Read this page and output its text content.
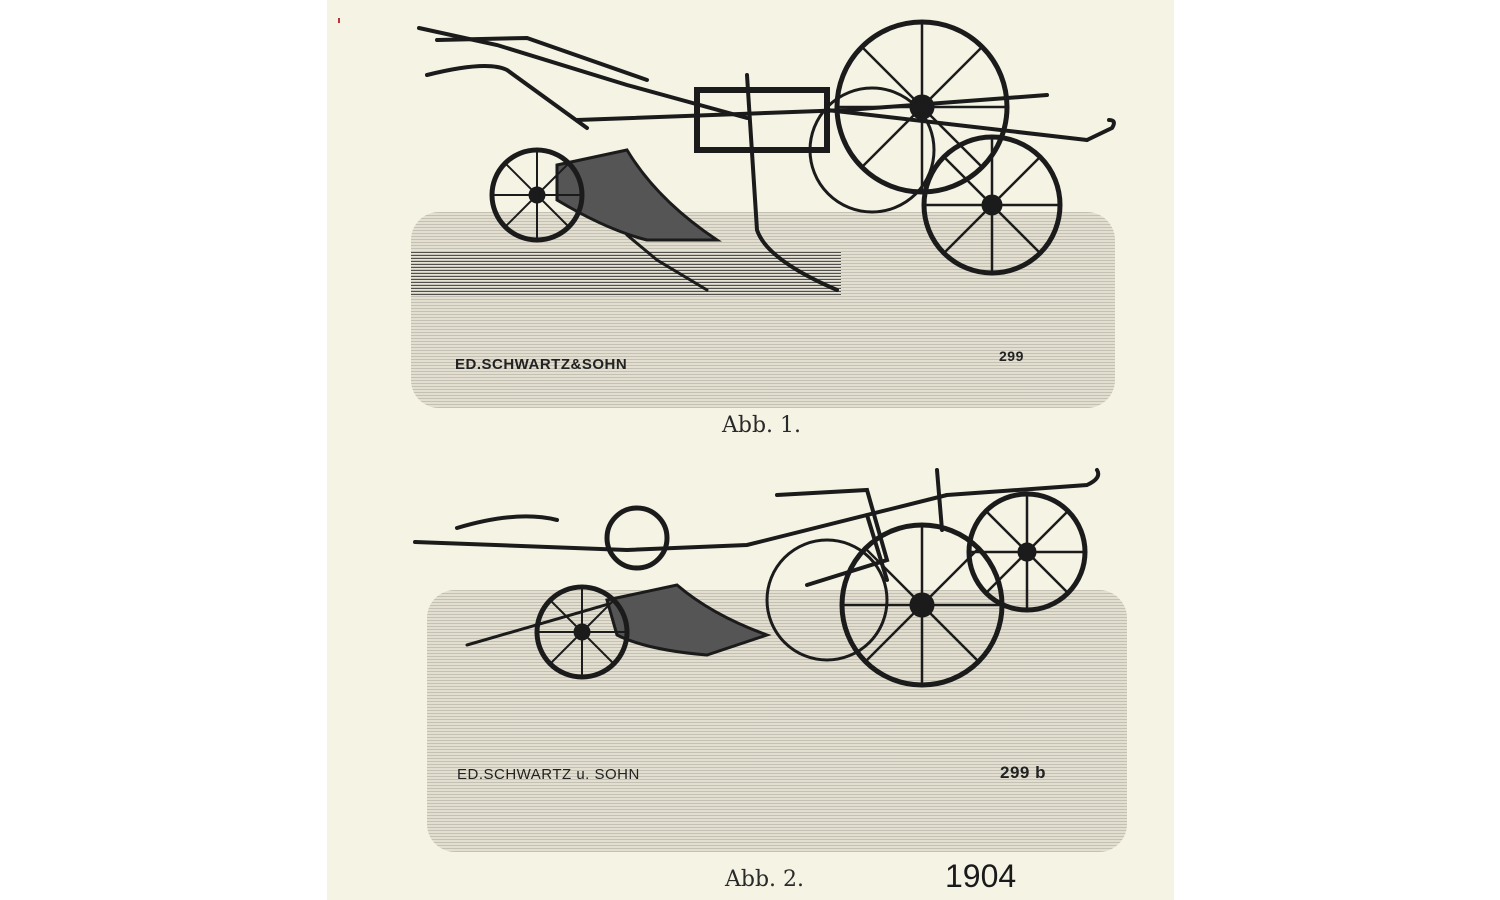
ED.SCHWARTZ&SOHN	299
Abb. 1.
ED.SCHWARTZ u. SOHN	299 b
Abb. 2.	1904
